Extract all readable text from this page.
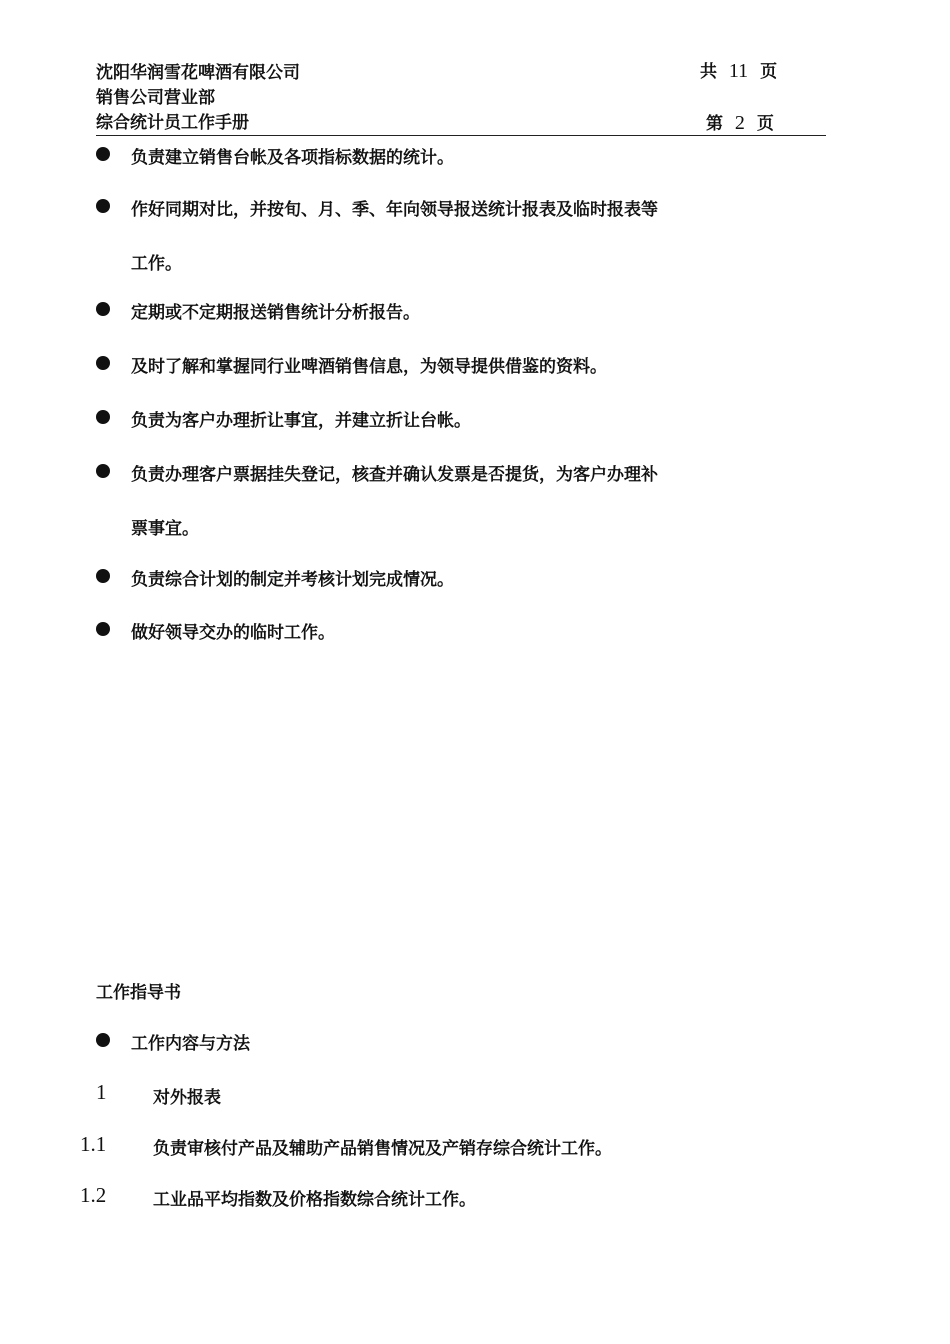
沈阳华润雪花啤酒有限公司
销售公司营业部
综合统计员工作手册
共 11 页
第 2 页
负责建立销售台帐及各项指标数据的统计。
作好同期对比，并按旬、月、季、年向领导报送统计报表及临时报表等
工作。
定期或不定期报送销售统计分析报告。
及时了解和掌握同行业啤酒销售信息，为领导提供借鉴的资料。
负责为客户办理折让事宜，并建立折让台帐。
负责办理客户票据挂失登记，核查并确认发票是否提货，为客户办理补
票事宜。
负责综合计划的制定并考核计划完成情况。
做好领导交办的临时工作。
工作指导书
工作内容与方法
1	对外报表
1.1	负责审核付产品及辅助产品销售情况及产销存综合统计工作。
1.2	工业品平均指数及价格指数综合统计工作。
